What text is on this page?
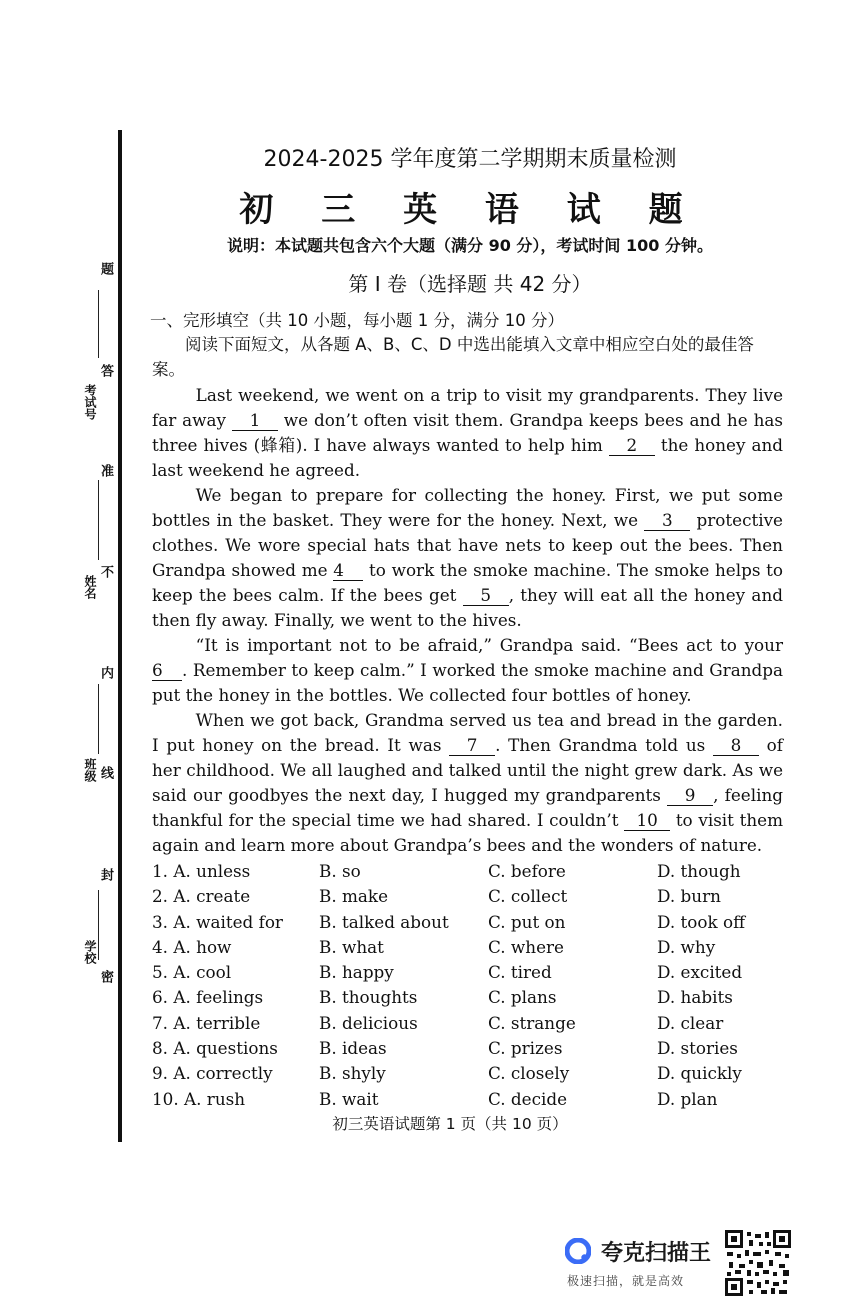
题
答
准
不
内
线
封
密
考试号
姓名
班级
学校
2024-2025 学年度第二学期期末质量检测
初 三 英 语 试 题
说明：本试题共包含六个大题（满分 90 分），考试时间 100 分钟。
第 I 卷（选择题 共 42 分）
一、完形填空（共 10 小题，每小题 1 分，满分 10 分）
阅读下面短文，从各题 A、B、C、D 中选出能填入文章中相应空白处的最佳答案。

Last weekend, we went on a trip to visit my grandparents. They live far away 1 we don’t often visit them. Grandpa keeps bees and he has three hives (蜂箱). I have always wanted to help him 2 the honey and last weekend he agreed.

We began to prepare for collecting the honey. First, we put some bottles in the basket. They were for the honey. Next, we 3 protective clothes. We wore special hats that have nets to keep out the bees. Then Grandpa showed me 4 to work the smoke machine. The smoke helps to keep the bees calm. If the bees get 5 , they will eat all the honey and then fly away. Finally, we went to the hives.

“It is important not to be afraid,” Grandpa said. “Bees act to your 6 . Remember to keep calm.” I worked the smoke machine and Grandpa put the honey in the bottles. We collected four bottles of honey.

When we got back, Grandma served us tea and bread in the garden. I put honey on the bread. It was 7 . Then Grandma told us 8 of her childhood. We all laughed and talked until the night grew dark. As we said our goodbyes the next day, I hugged my grandparents 9 , feeling thankful for the special time we had shared. I couldn’t 10 to visit them again and learn more about Grandpa’s bees and the wonders of nature.

1. A. unless	B. so	C. before	D. though
2. A. create	B. make	C. collect	D. burn
3. A. waited for	B. talked about	C. put on	D. took off
4. A. how	B. what	C. where	D. why
5. A. cool	B. happy	C. tired	D. excited
6. A. feelings	B. thoughts	C. plans	D. habits
7. A. terrible	B. delicious	C. strange	D. clear
8. A. questions	B. ideas	C. prizes	D. stories
9. A. correctly	B. shyly	C. closely	D. quickly
10. A. rush	B. wait	C. decide	D. plan
初三英语试题第 1 页（共 10 页）
夸克扫描王
极速扫描，就是高效
